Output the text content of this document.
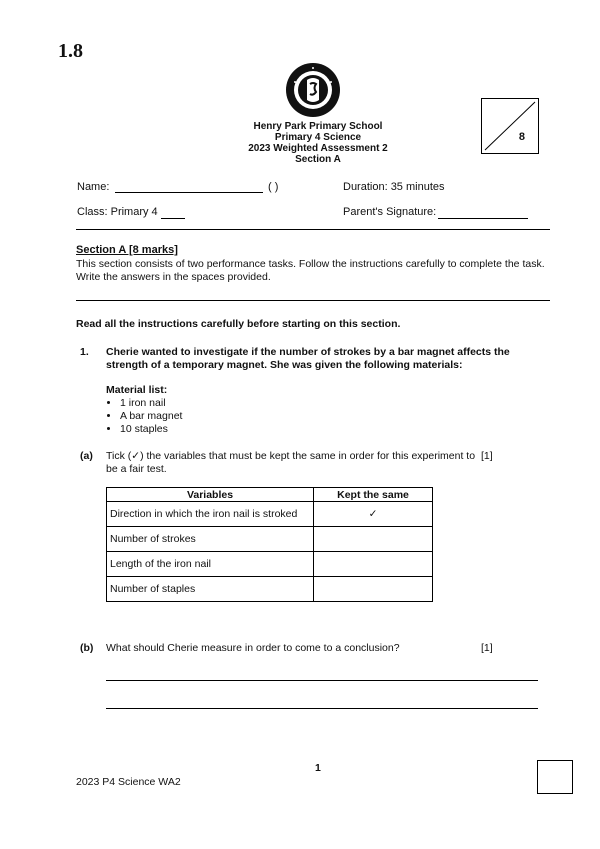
1.8
Henry Park Primary School
Primary 4 Science
2023 Weighted Assessment 2
Section A
8
Name:	( )	Duration: 35 minutes
Class: Primary 4	Parent's Signature:
Section A [8 marks]
This section consists of two performance tasks. Follow the instructions carefully to complete the task. Write the answers in the spaces provided.
Read all the instructions carefully before starting on this section.
1. Cherie wanted to investigate if the number of strokes by a bar magnet affects the strength of a temporary magnet. She was given the following materials:
Material list:
• 1 iron nail
• A bar magnet
• 10 staples
(a) Tick (✓) the variables that must be kept the same in order for this experiment to be a fair test.
[1]
Variables	Kept the same
Direction in which the iron nail is stroked	✓
Number of strokes	
Length of the iron nail	
Number of staples	
(b) What should Cherie measure in order to come to a conclusion?	[1]
1
2023 P4 Science WA2
